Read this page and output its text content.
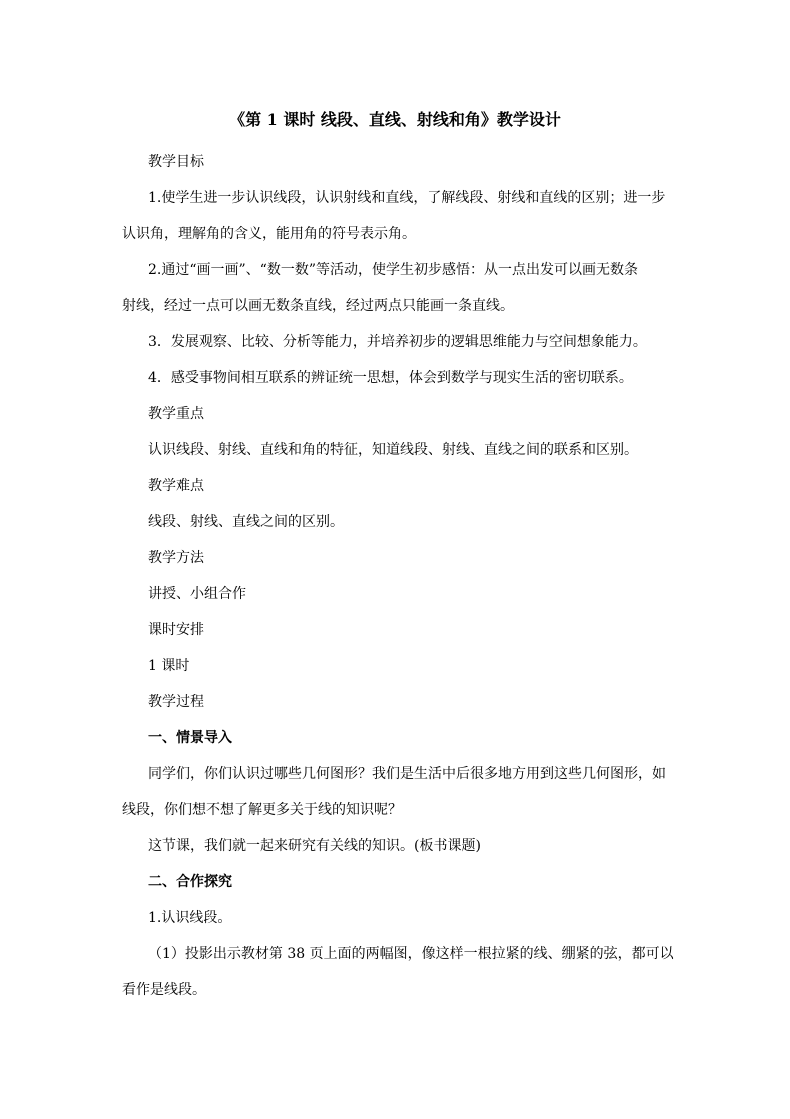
《第 1 课时 线段、直线、射线和角》教学设计
教学目标
1.使学生进一步认识线段，认识射线和直线，了解线段、射线和直线的区别；进一步
认识角，理解角的含义，能用角的符号表示角。
2.通过“画一画”、“数一数”等活动，使学生初步感悟：从一点出发可以画无数条
射线，经过一点可以画无数条直线，经过两点只能画一条直线。
3．发展观察、比较、分析等能力，并培养初步的逻辑思维能力与空间想象能力。
4．感受事物间相互联系的辨证统一思想，体会到数学与现实生活的密切联系。
教学重点
认识线段、射线、直线和角的特征，知道线段、射线、直线之间的联系和区别。
教学难点
线段、射线、直线之间的区别。
教学方法
讲授、小组合作
课时安排
1 课时
教学过程
一、情景导入
同学们，你们认识过哪些几何图形？我们是生活中后很多地方用到这些几何图形，如
线段，你们想不想了解更多关于线的知识呢？
这节课，我们就一起来研究有关线的知识。(板书课题)
二、合作探究
1.认识线段。
（1）投影出示教材第 38 页上面的两幅图，像这样一根拉紧的线、绷紧的弦，都可以
看作是线段。
